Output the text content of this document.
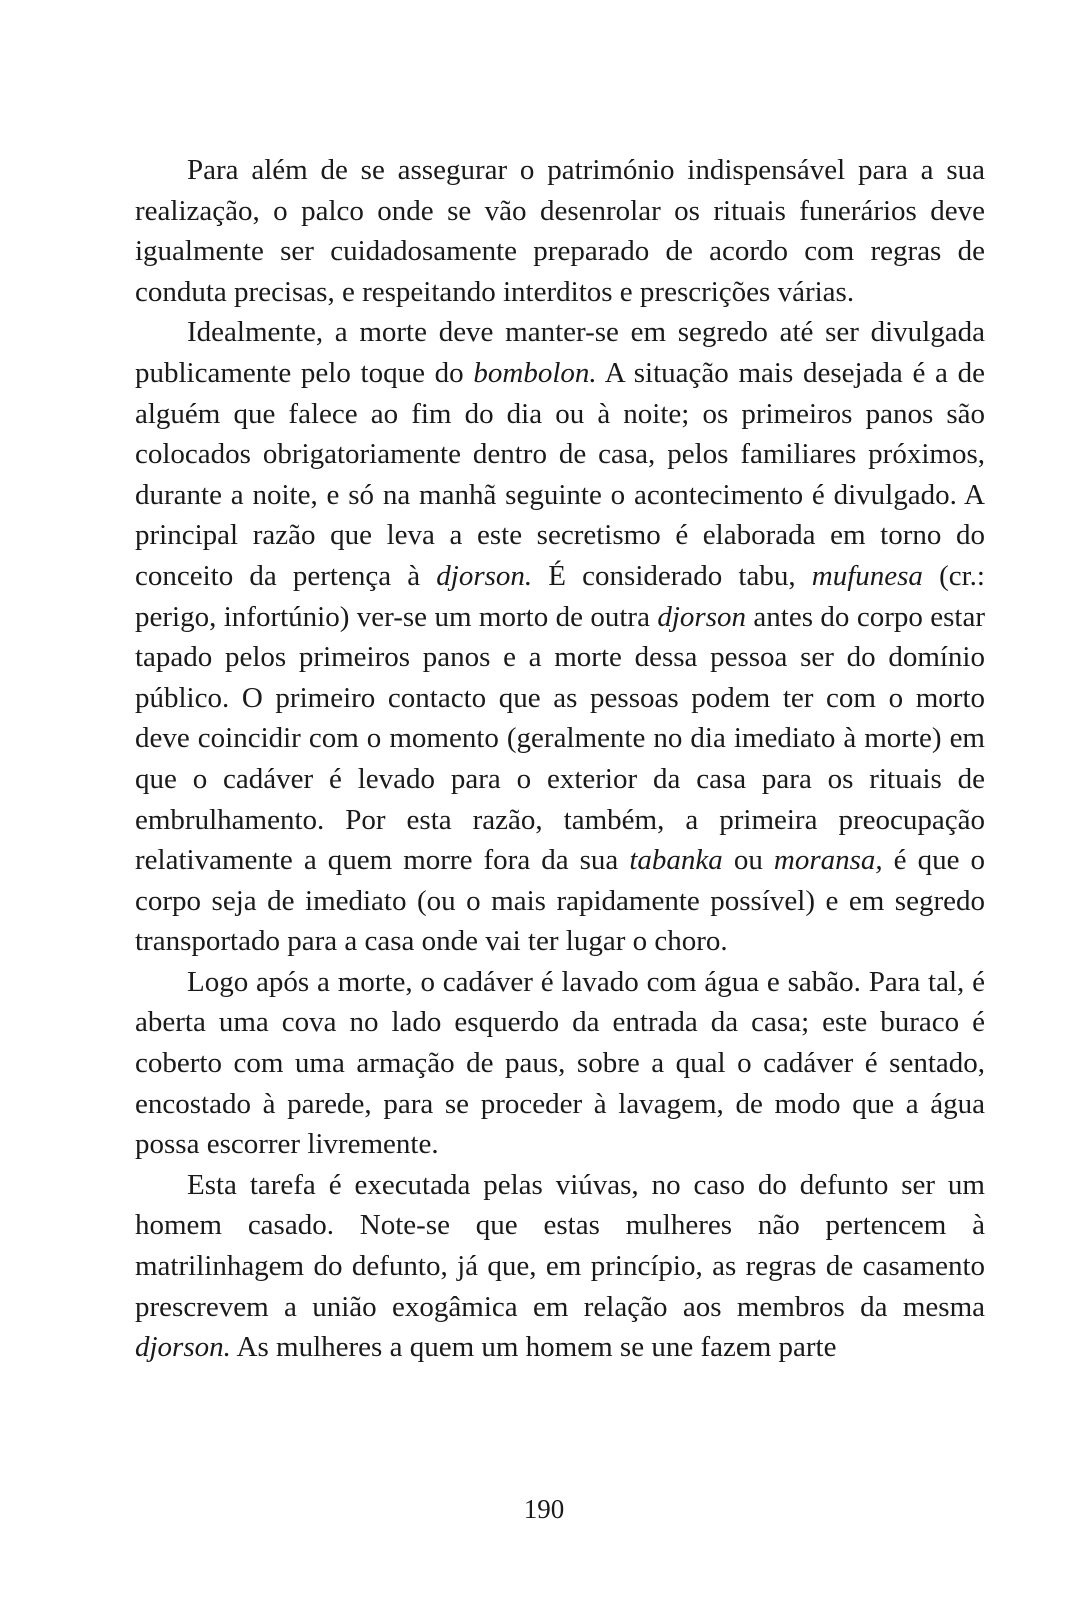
Para além de se assegurar o património indispensável para a sua realização, o palco onde se vão desenrolar os rituais funerários deve igualmente ser cuidadosamente preparado de acordo com regras de conduta precisas, e respeitando interditos e prescrições várias.

Idealmente, a morte deve manter-se em segredo até ser divulgada publicamente pelo toque do bombolon. A situação mais desejada é a de alguém que falece ao fim do dia ou à noite; os primeiros panos são colocados obrigatoriamente dentro de casa, pelos familiares próximos, durante a noite, e só na manhã seguinte o acontecimento é divulgado. A principal razão que leva a este secretismo é elaborada em torno do conceito da pertença à djorson. É considerado tabu, mufunesa (cr.: perigo, infortúnio) ver-se um morto de outra djorson antes do corpo estar tapado pelos primeiros panos e a morte dessa pessoa ser do domínio público. O primeiro contacto que as pessoas podem ter com o morto deve coincidir com o momento (geralmente no dia imediato à morte) em que o cadáver é levado para o exterior da casa para os rituais de embrulhamento. Por esta razão, também, a primeira preocupação relativamente a quem morre fora da sua tabanka ou moransa, é que o corpo seja de imediato (ou o mais rapidamente possível) e em segredo transportado para a casa onde vai ter lugar o choro.

Logo após a morte, o cadáver é lavado com água e sabão. Para tal, é aberta uma cova no lado esquerdo da entrada da casa; este buraco é coberto com uma armação de paus, sobre a qual o cadáver é sentado, encostado à parede, para se proceder à lavagem, de modo que a água possa escorrer livremente.

Esta tarefa é executada pelas viúvas, no caso do defunto ser um homem casado. Note-se que estas mulheres não pertencem à matrilinhagem do defunto, já que, em princípio, as regras de casamento prescrevem a união exogâmica em relação aos membros da mesma djorson. As mulheres a quem um homem se une fazem parte

190
